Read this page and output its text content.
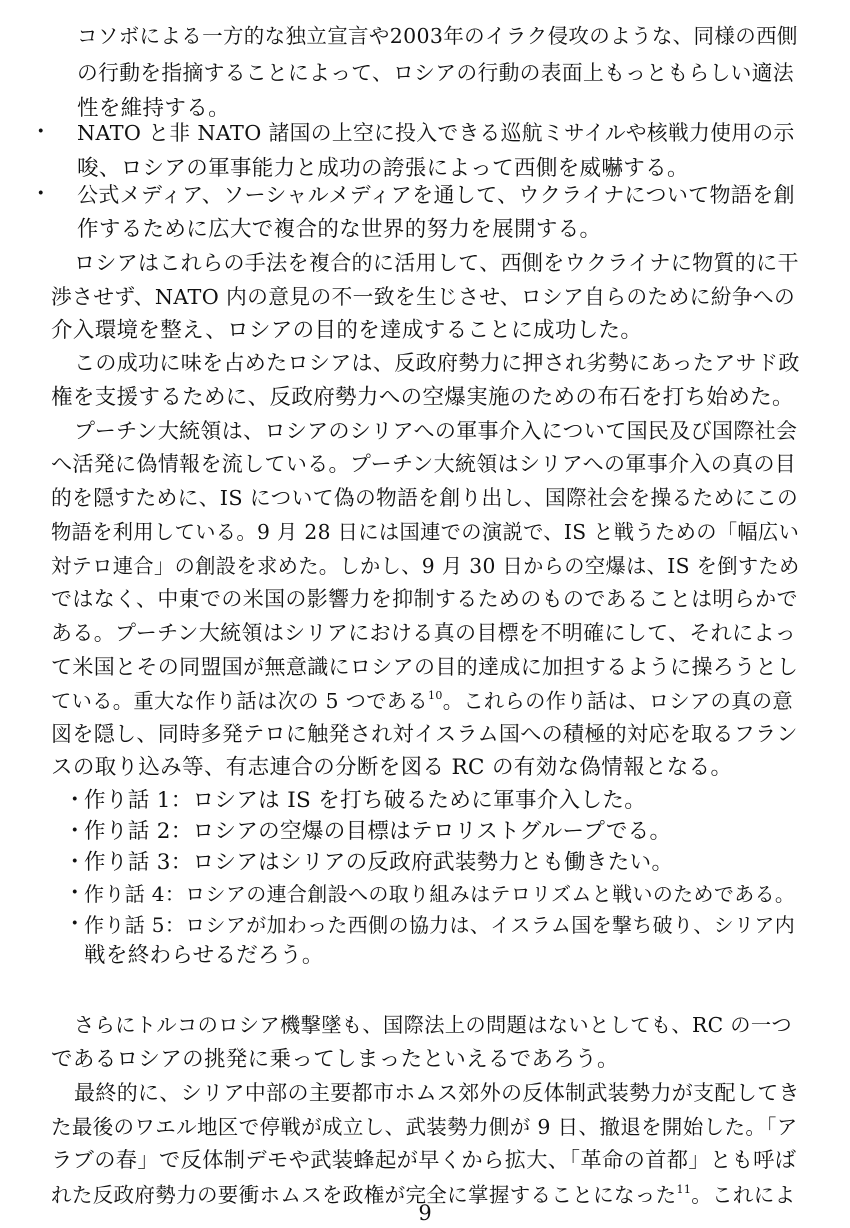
コソボによる一方的な独立宣言や2003年のイラク侵攻のような、同様の西側
の行動を指摘することによって、ロシアの行動の表面上もっともらしい適法
性を維持する。
・ NATO と非 NATO 諸国の上空に投入できる巡航ミサイルや核戦力使用の示
唆、ロシアの軍事能力と成功の誇張によって西側を威嚇する。
・ 公式メディア、ソーシャルメディアを通して、ウクライナについて物語を創
作するために広大で複合的な世界的努力を展開する。
ロシアはこれらの手法を複合的に活用して、西側をウクライナに物質的に干
渉させず、NATO 内の意見の不一致を生じさせ、ロシア自らのために紛争への
介入環境を整え、ロシアの目的を達成することに成功した。
この成功に味を占めたロシアは、反政府勢力に押され劣勢にあったアサド政
権を支援するために、反政府勢力への空爆実施のための布石を打ち始めた。
プーチン大統領は、ロシアのシリアへの軍事介入について国民及び国際社会
へ活発に偽情報を流している。プーチン大統領はシリアへの軍事介入の真の目
的を隠すために、IS について偽の物語を創り出し、国際社会を操るためにこの
物語を利用している。9 月 28 日には国連での演説で、IS と戦うための「幅広い
対テロ連合」の創設を求めた。しかし、9 月 30 日からの空爆は、IS を倒すため
ではなく、中東での米国の影響力を抑制するためのものであることは明らかで
ある。プーチン大統領はシリアにおける真の目標を不明確にして、それによっ
て米国とその同盟国が無意識にロシアの目的達成に加担するように操ろうとし
ている。重大な作り話は次の 5 つである$^{10}$。これらの作り話は、ロシアの真の意
図を隠し、同時多発テロに触発され対イスラム国への積極的対応を取るフラン
スの取り込み等、有志連合の分断を図る RC の有効な偽情報となる。
・
作り話 1：ロシアは IS を打ち破るために軍事介入した。
・
作り話 2：ロシアの空爆の目標はテロリストグループでる。
・
作り話 3：ロシアはシリアの反政府武装勢力とも働きたい。
・
作り話 4：ロシアの連合創設への取り組みはテロリズムと戦いのためである。
・
作り話 5：ロシアが加わった西側の協力は、イスラム国を撃ち破り、シリア内
戦を終わらせるだろう。
さらにトルコのロシア機撃墜も、国際法上の問題はないとしても、RC の一つ
であるロシアの挑発に乗ってしまったといえるであろう。
最終的に、シリア中部の主要都市ホムス郊外の反体制武装勢力が支配してき
た最後のワエル地区で停戦が成立し、武装勢力側が 9 日、撤退を開始した。「ア
ラブの春」で反体制デモや武装蜂起が早くから拡大、「革命の首都」とも呼ば
れた反政府勢力の要衝ホムスを政権が完全に掌握することになった$^{11}$。これによ
9
